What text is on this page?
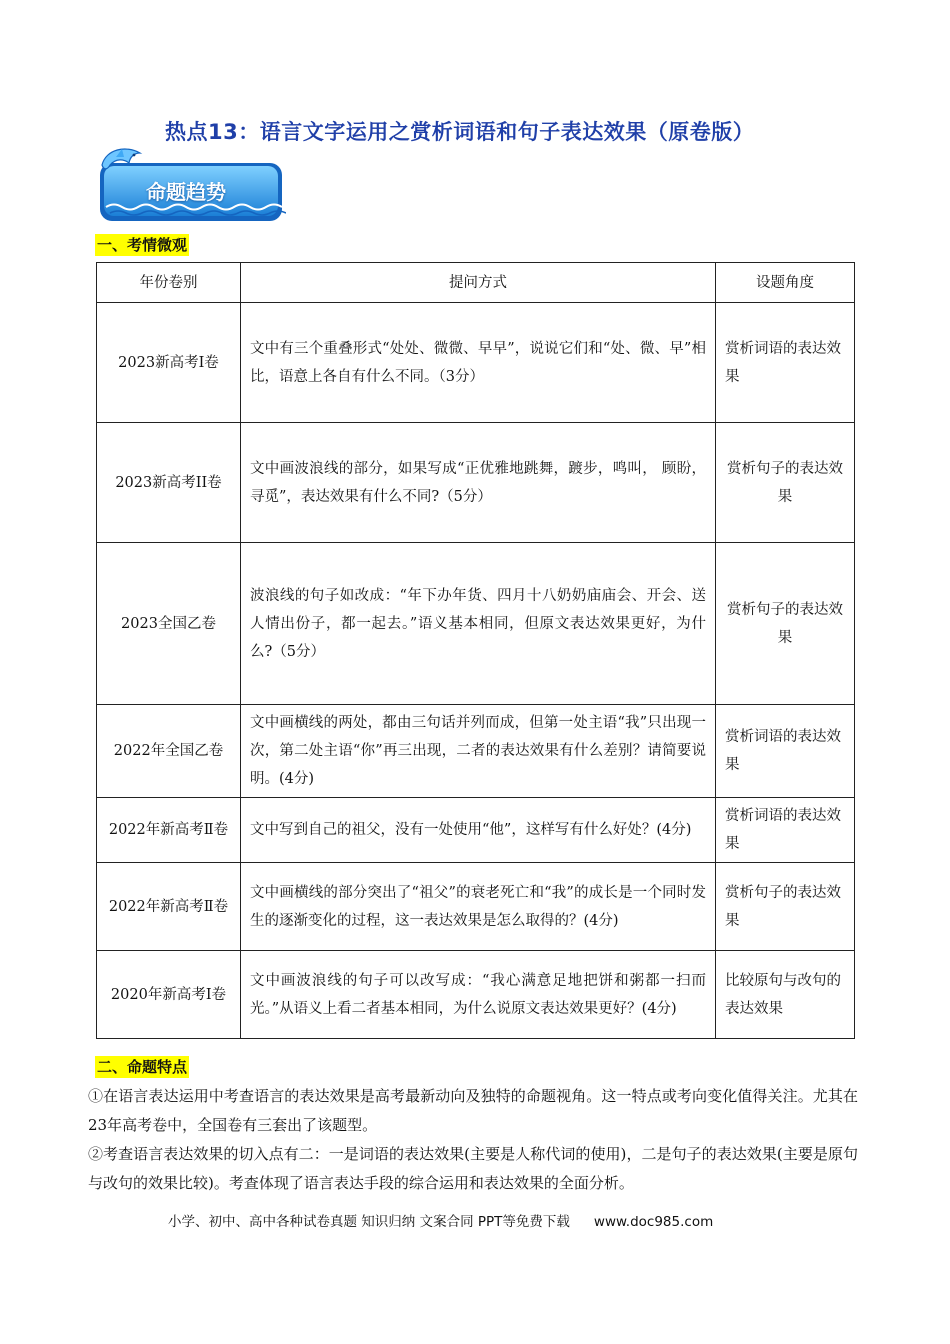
热点13：语言文字运用之赏析词语和句子表达效果（原卷版）
命题趋势
一、考情微观
年份卷别	提问方式	设题角度
2023新高考I卷	文中有三个重叠形式“处处、微微、早早”，说说它们和“处、微、早”相比，语意上各自有什么不同。（3分）	赏析词语的表达效果
2023新高考II卷	文中画波浪线的部分，如果写成“正优雅地跳舞，踱步，鸣叫， 顾盼，寻觅”，表达效果有什么不同?（5分）	赏析句子的表达效果
2023全国乙卷	波浪线的句子如改成：“年下办年货、四月十八奶奶庙庙会、开会、送人情出份子，都一起去。”语义基本相同，但原文表达效果更好，为什么?（5分）	赏析句子的表达效果
2022年全国乙卷	文中画横线的两处，都由三句话并列而成，但第一处主语“我”只出现一次，第二处主语“你”再三出现，二者的表达效果有什么差别？请简要说明。(4分)	赏析词语的表达效果
2022年新高考Ⅱ卷	文中写到自己的祖父，没有一处使用“他”，这样写有什么好处？(4分)	赏析词语的表达效果
2022年新高考Ⅱ卷	文中画横线的部分突出了“祖父”的衰老死亡和“我”的成长是一个同时发生的逐渐变化的过程，这一表达效果是怎么取得的？(4分)	赏析句子的表达效果
2020年新高考Ⅰ卷	文中画波浪线的句子可以改写成：“我心满意足地把饼和粥都一扫而光。”从语义上看二者基本相同，为什么说原文表达效果更好？(4分)	比较原句与改句的表达效果
二、命题特点
①在语言表达运用中考查语言的表达效果是高考最新动向及独特的命题视角。这一特点或考向变化值得关注。尤其在23年高考卷中，全国卷有三套出了该题型。
②考查语言表达效果的切入点有二：一是词语的表达效果(主要是人称代词的使用)，二是句子的表达效果(主要是原句与改句的效果比较)。考查体现了语言表达手段的综合运用和表达效果的全面分析。
小学、初中、高中各种试卷真题 知识归纳 文案合同 PPT等免费下载 www.doc985.com
